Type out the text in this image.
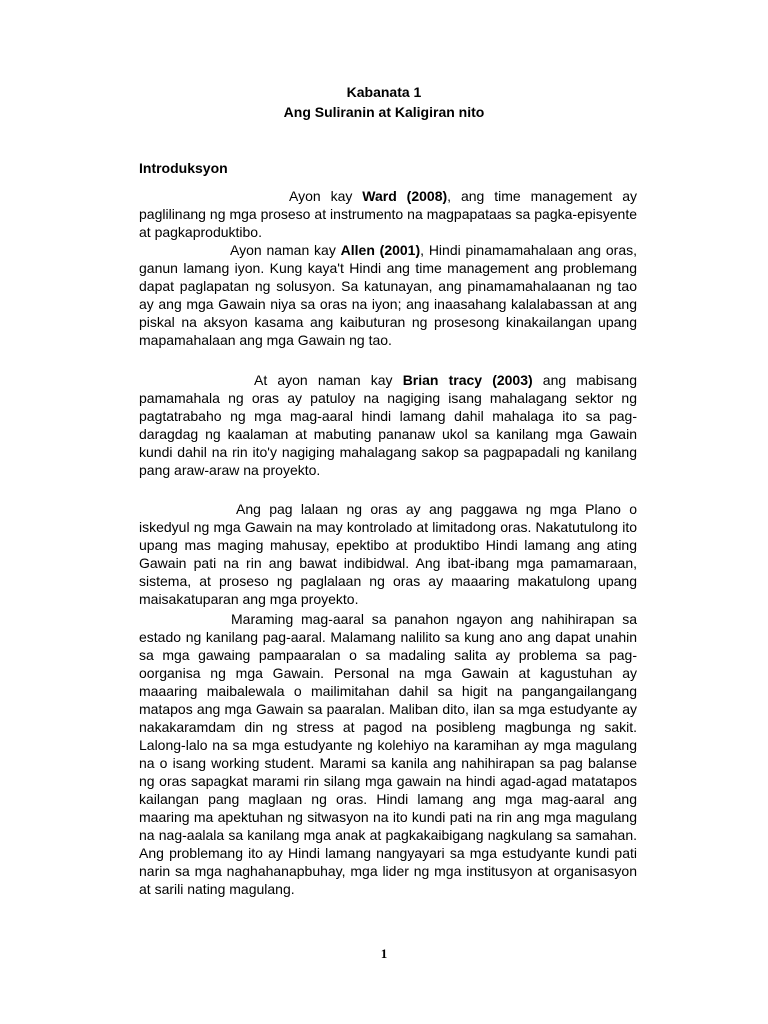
Kabanata 1
Ang Suliranin at Kaligiran nito
Introduksyon

Ayon kay Ward (2008), ang time management ay paglilinang ng mga proseso at instrumento na magpapataas sa pagka-episyente at pagkaproduktibo.

Ayon naman kay Allen (2001), Hindi pinamamahalaan ang oras, ganun lamang iyon. Kung kaya't Hindi ang time management ang problemang dapat paglapatan ng solusyon. Sa katunayan, ang pinamamahalaanan ng tao ay ang mga Gawain niya sa oras na iyon; ang inaasahang kalalabassan at ang piskal na aksyon kasama ang kaibuturan ng prosesong kinakailangan upang mapamahalaan ang mga Gawain ng tao.

At ayon naman kay Brian tracy (2003) ang mabisang pamamahala ng oras ay patuloy na nagiging isang mahalagang sektor ng pagtatrabaho ng mga mag-aaral hindi lamang dahil mahalaga ito sa pag-daragdag ng kaalaman at mabuting pananaw ukol sa kanilang mga Gawain kundi dahil na rin ito'y nagiging mahalagang sakop sa pagpapadali ng kanilang pang araw-araw na proyekto.

Ang pag lalaan ng oras ay ang paggawa ng mga Plano o iskedyul ng mga Gawain na may kontrolado at limitadong oras. Nakatutulong ito upang mas maging mahusay, epektibo at produktibo Hindi lamang ang ating Gawain pati na rin ang bawat indibidwal. Ang ibat-ibang mga pamamaraan, sistema, at proseso ng paglalaan ng oras ay maaaring makatulong upang maisakatuparan ang mga proyekto.

Maraming mag-aaral sa panahon ngayon ang nahihirapan sa estado ng kanilang pag-aaral. Malamang nalilito sa kung ano ang dapat unahin sa mga gawaing pampaaralan o sa madaling salita ay problema sa pag-oorganisa ng mga Gawain. Personal na mga Gawain at kagustuhan ay maaaring maibalewala o mailimitahan dahil sa higit na pangangailangang matapos ang mga Gawain sa paaralan. Maliban dito, ilan sa mga estudyante ay nakakaramdam din ng stress at pagod na posibleng magbunga ng sakit. Lalong-lalo na sa mga estudyante ng kolehiyo na karamihan ay mga magulang na o isang working student. Marami sa kanila ang nahihirapan sa pag balanse ng oras sapagkat marami rin silang mga gawain na hindi agad-agad matatapos kailangan pang maglaan ng oras. Hindi lamang ang mga mag-aaral ang maaring ma apektuhan ng sitwasyon na ito kundi pati na rin ang mga magulang na nag-aalala sa kanilang mga anak at pagkakaibigang nagkulang sa samahan. Ang problemang ito ay Hindi lamang nangyayari sa mga estudyante kundi pati narin sa mga naghahanapbuhay, mga lider ng mga institusyon at organisasyon at sarili nating magulang.

1
